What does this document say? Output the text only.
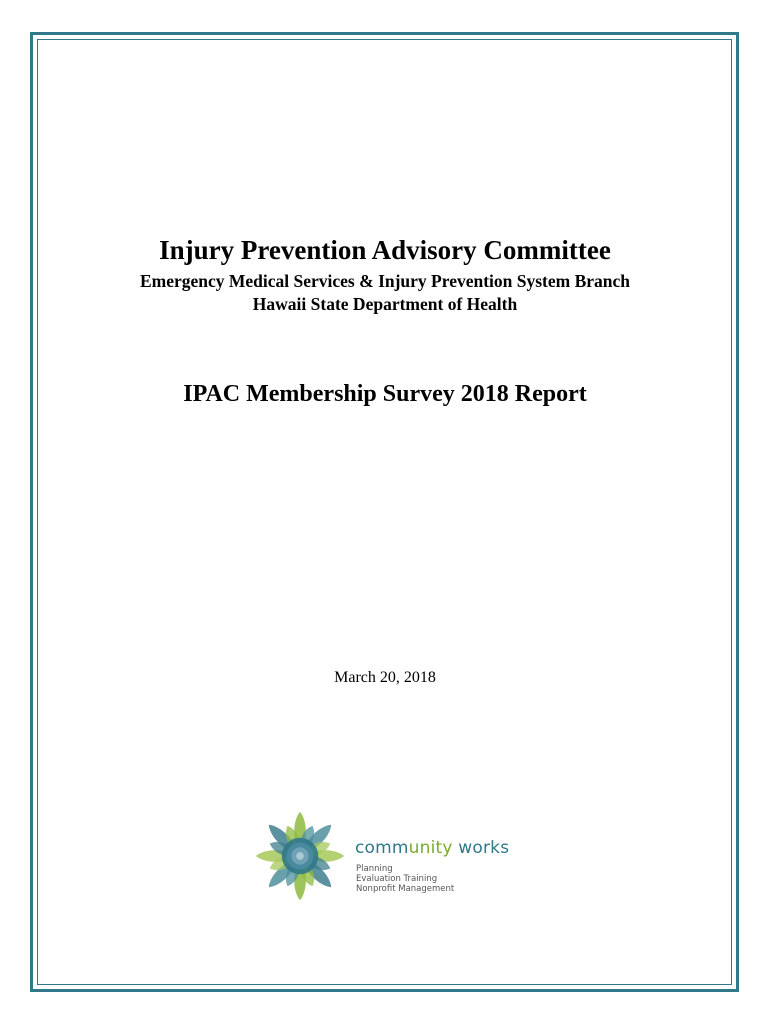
Injury Prevention Advisory Committee
Emergency Medical Services & Injury Prevention System Branch
Hawaii State Department of Health
IPAC Membership Survey 2018 Report
March 20, 2018
community works
Planning
Evaluation Training
Nonprofit Management
